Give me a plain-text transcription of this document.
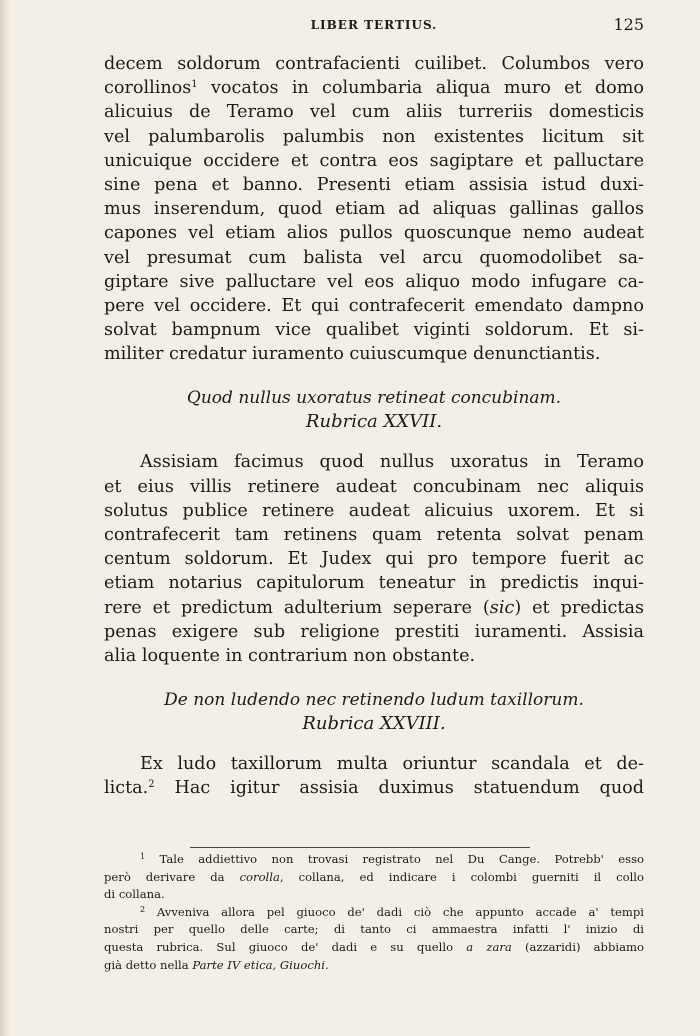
LIBER TERTIUS.	125
decem soldorum contrafacienti cuilibet. Columbos vero
corollinos$^1$ vocatos in columbaria aliqua muro et domo
alicuius de Teramo vel cum aliis turreriis domesticis
vel palumbarolis palumbis non existentes licitum sit
unicuique occidere et contra eos sagiptare et palluctare
sine pena et banno. Presenti etiam assisia istud duxi-
mus inserendum, quod etiam ad aliquas gallinas gallos
capones vel etiam alios pullos quoscunque nemo audeat
vel presumat cum balista vel arcu quomodolibet sa-
giptare sive palluctare vel eos aliquo modo infugare ca-
pere vel occidere. Et qui contrafecerit emendato dampno
solvat bampnum vice qualibet viginti soldorum. Et si-
militer credatur iuramento cuiuscumque denunctiantis.
Quod nullus uxoratus retineat concubinam.
Rubrica XXVII.
Assisiam facimus quod nullus uxoratus in Teramo
et eius villis retinere audeat concubinam nec aliquis
solutus publice retinere audeat alicuius uxorem. Et si
contrafecerit tam retinens quam retenta solvat penam
centum soldorum. Et Judex qui pro tempore fuerit ac
etiam notarius capitulorum teneatur in predictis inqui-
rere et predictum adulterium seperare (sic) et predictas
penas exigere sub religione prestiti iuramenti. Assisia
alia loquente in contrarium non obstante.
De non ludendo nec retinendo ludum taxillorum.
Rubrica XXVIII.
Ex ludo taxillorum multa oriuntur scandala et de-
licta.$^2$ Hac igitur assisia duximus statuendum quod
$^1$ Tale addiettivo non trovasi registrato nel Du Cange. Potrebb' esso
però derivare da corolla, collana, ed indicare i colombi guerniti il collo
di collana.
$^2$ Avveniva allora pel giuoco de' dadi ciò che appunto accade a' tempi
nostri per quello delle carte; di tanto ci ammaestra infatti l' inizio di
questa rubrica. Sul giuoco de' dadi e su quello a zara (azzaridi) abbiamo
già detto nella Parte IV etica, Giuochi.
